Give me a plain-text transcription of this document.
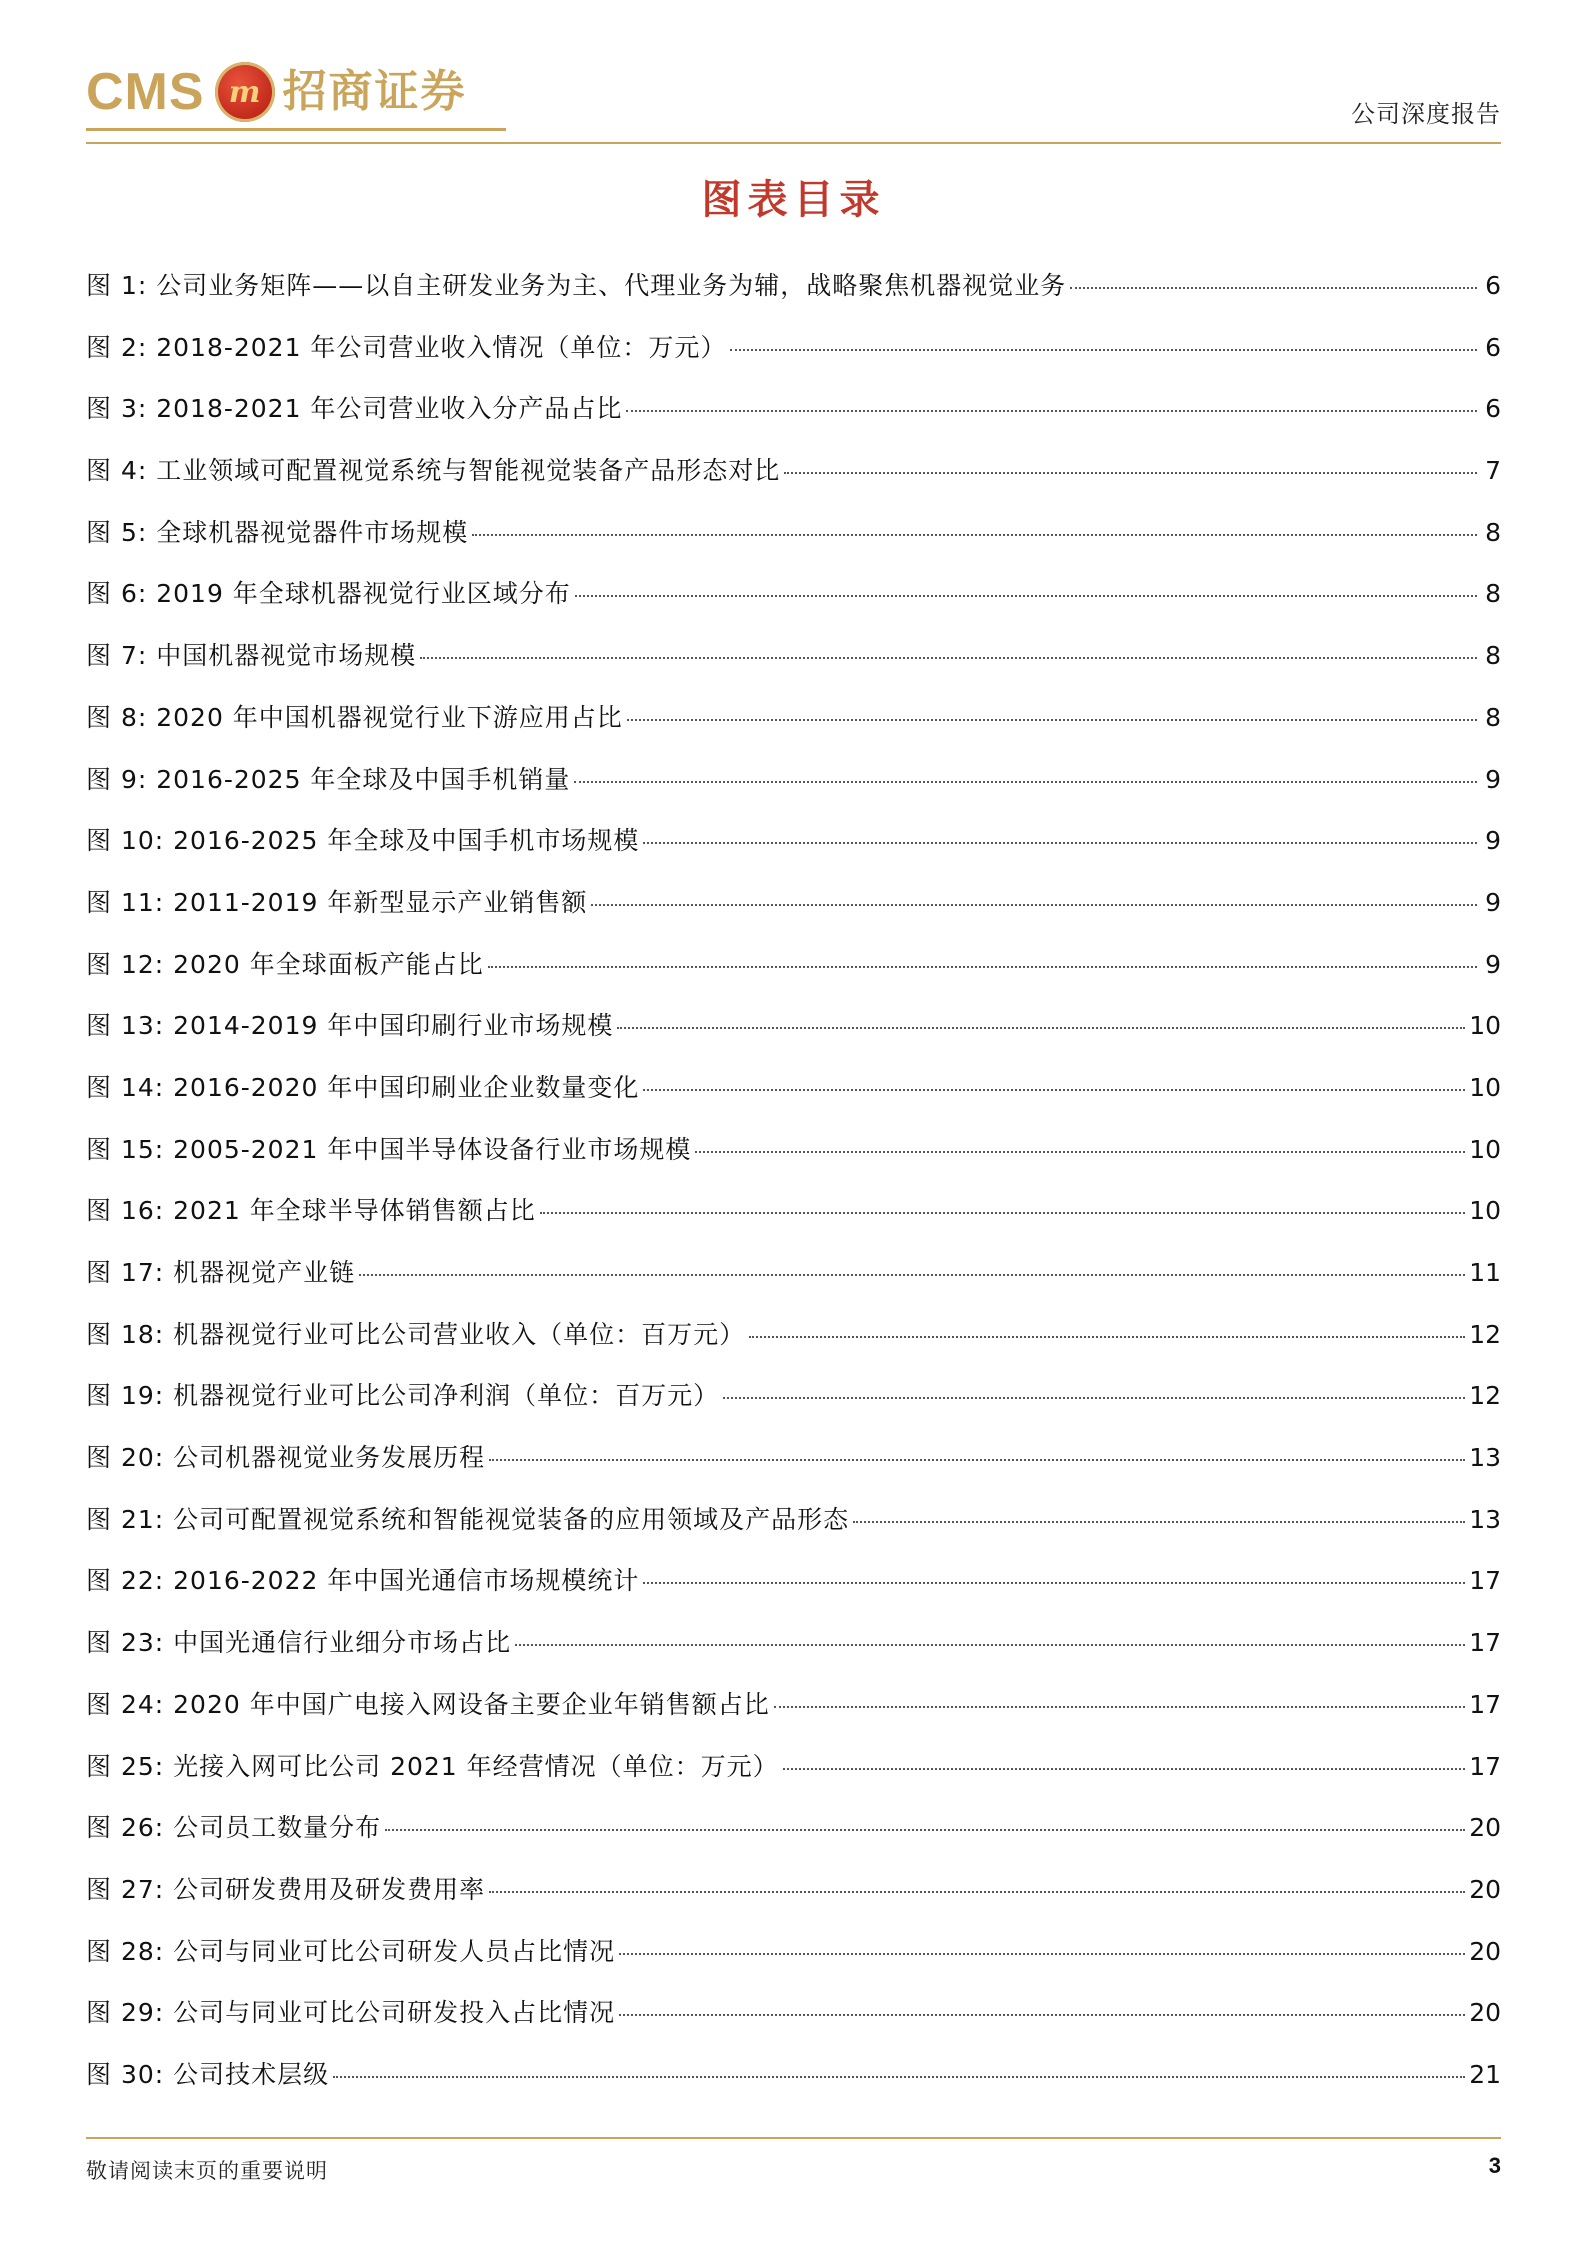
CMS m 招商证券	公司深度报告
图表目录
图 1: 公司业务矩阵——以自主研发业务为主、代理业务为辅，战略聚焦机器视觉业务	6
图 2: 2018-2021 年公司营业收入情况（单位：万元）	6
图 3: 2018-2021 年公司营业收入分产品占比	6
图 4: 工业领域可配置视觉系统与智能视觉装备产品形态对比	7
图 5: 全球机器视觉器件市场规模	8
图 6: 2019 年全球机器视觉行业区域分布	8
图 7: 中国机器视觉市场规模	8
图 8: 2020 年中国机器视觉行业下游应用占比	8
图 9: 2016-2025 年全球及中国手机销量	9
图 10: 2016-2025 年全球及中国手机市场规模	9
图 11: 2011-2019 年新型显示产业销售额	9
图 12: 2020 年全球面板产能占比	9
图 13: 2014-2019 年中国印刷行业市场规模	10
图 14: 2016-2020 年中国印刷业企业数量变化	10
图 15: 2005-2021 年中国半导体设备行业市场规模	10
图 16: 2021 年全球半导体销售额占比	10
图 17: 机器视觉产业链	11
图 18: 机器视觉行业可比公司营业收入（单位：百万元）	12
图 19: 机器视觉行业可比公司净利润（单位：百万元）	12
图 20: 公司机器视觉业务发展历程	13
图 21: 公司可配置视觉系统和智能视觉装备的应用领域及产品形态	13
图 22: 2016-2022 年中国光通信市场规模统计	17
图 23: 中国光通信行业细分市场占比	17
图 24: 2020 年中国广电接入网设备主要企业年销售额占比	17
图 25: 光接入网可比公司 2021 年经营情况（单位：万元）	17
图 26: 公司员工数量分布	20
图 27: 公司研发费用及研发费用率	20
图 28: 公司与同业可比公司研发人员占比情况	20
图 29: 公司与同业可比公司研发投入占比情况	20
图 30: 公司技术层级	21
敬请阅读末页的重要说明	3
